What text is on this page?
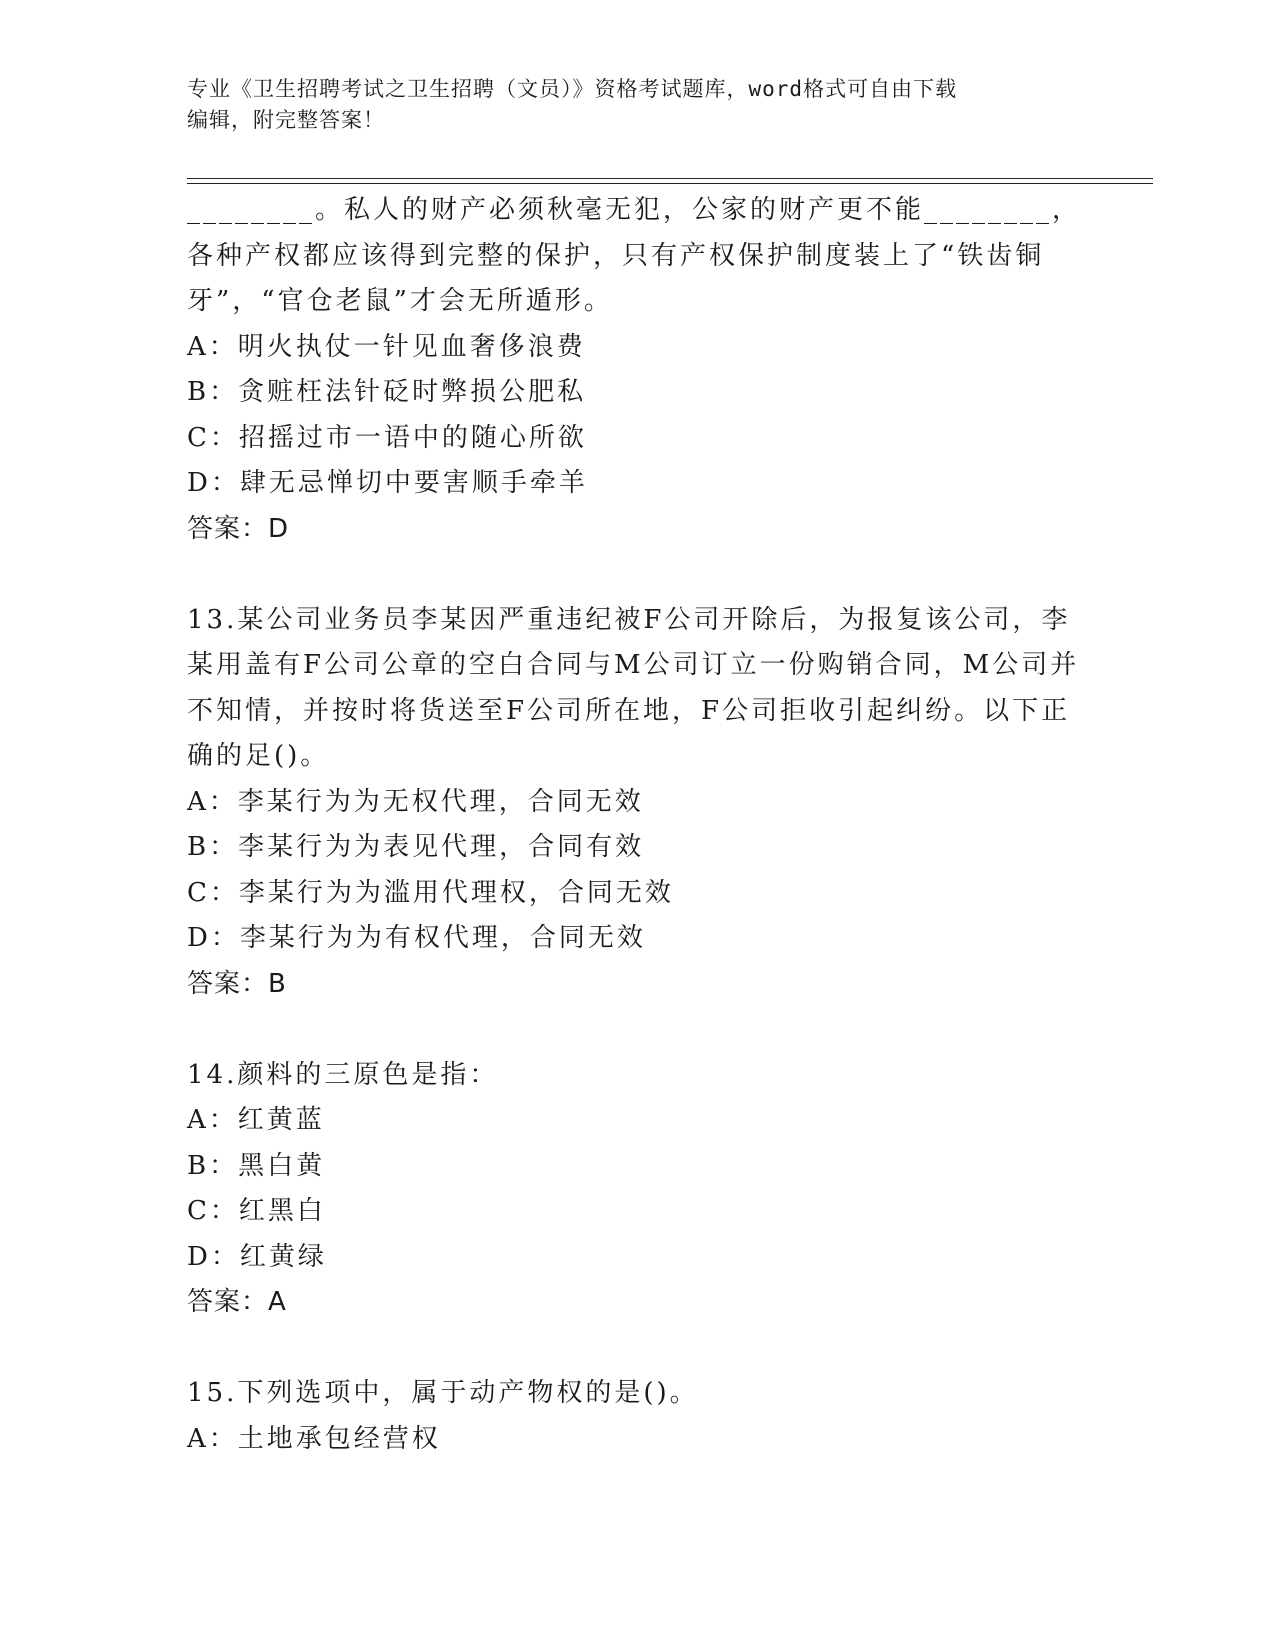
专业《卫生招聘考试之卫生招聘（文员）》资格考试题库，word格式可自由下载
编辑，附完整答案！
________。私人的财产必须秋毫无犯，公家的财产更不能________，
各种产权都应该得到完整的保护，只有产权保护制度装上了“铁齿铜
牙”，“官仓老鼠”才会无所遁形。
A：明火执仗一针见血奢侈浪费
B：贪赃枉法针砭时弊损公肥私
C：招摇过市一语中的随心所欲
D：肆无忌惮切中要害顺手牵羊
答案：D
13.某公司业务员李某因严重违纪被F公司开除后，为报复该公司，李
某用盖有F公司公章的空白合同与M公司订立一份购销合同，M公司并
不知情，并按时将货送至F公司所在地，F公司拒收引起纠纷。以下正
确的足()。
A：李某行为为无权代理，合同无效
B：李某行为为表见代理，合同有效
C：李某行为为滥用代理权，合同无效
D：李某行为为有权代理，合同无效
答案：B
14.颜料的三原色是指：
A：红黄蓝
B：黑白黄
C：红黑白
D：红黄绿
答案：A
15.下列选项中，属于动产物权的是()。
A：土地承包经营权
